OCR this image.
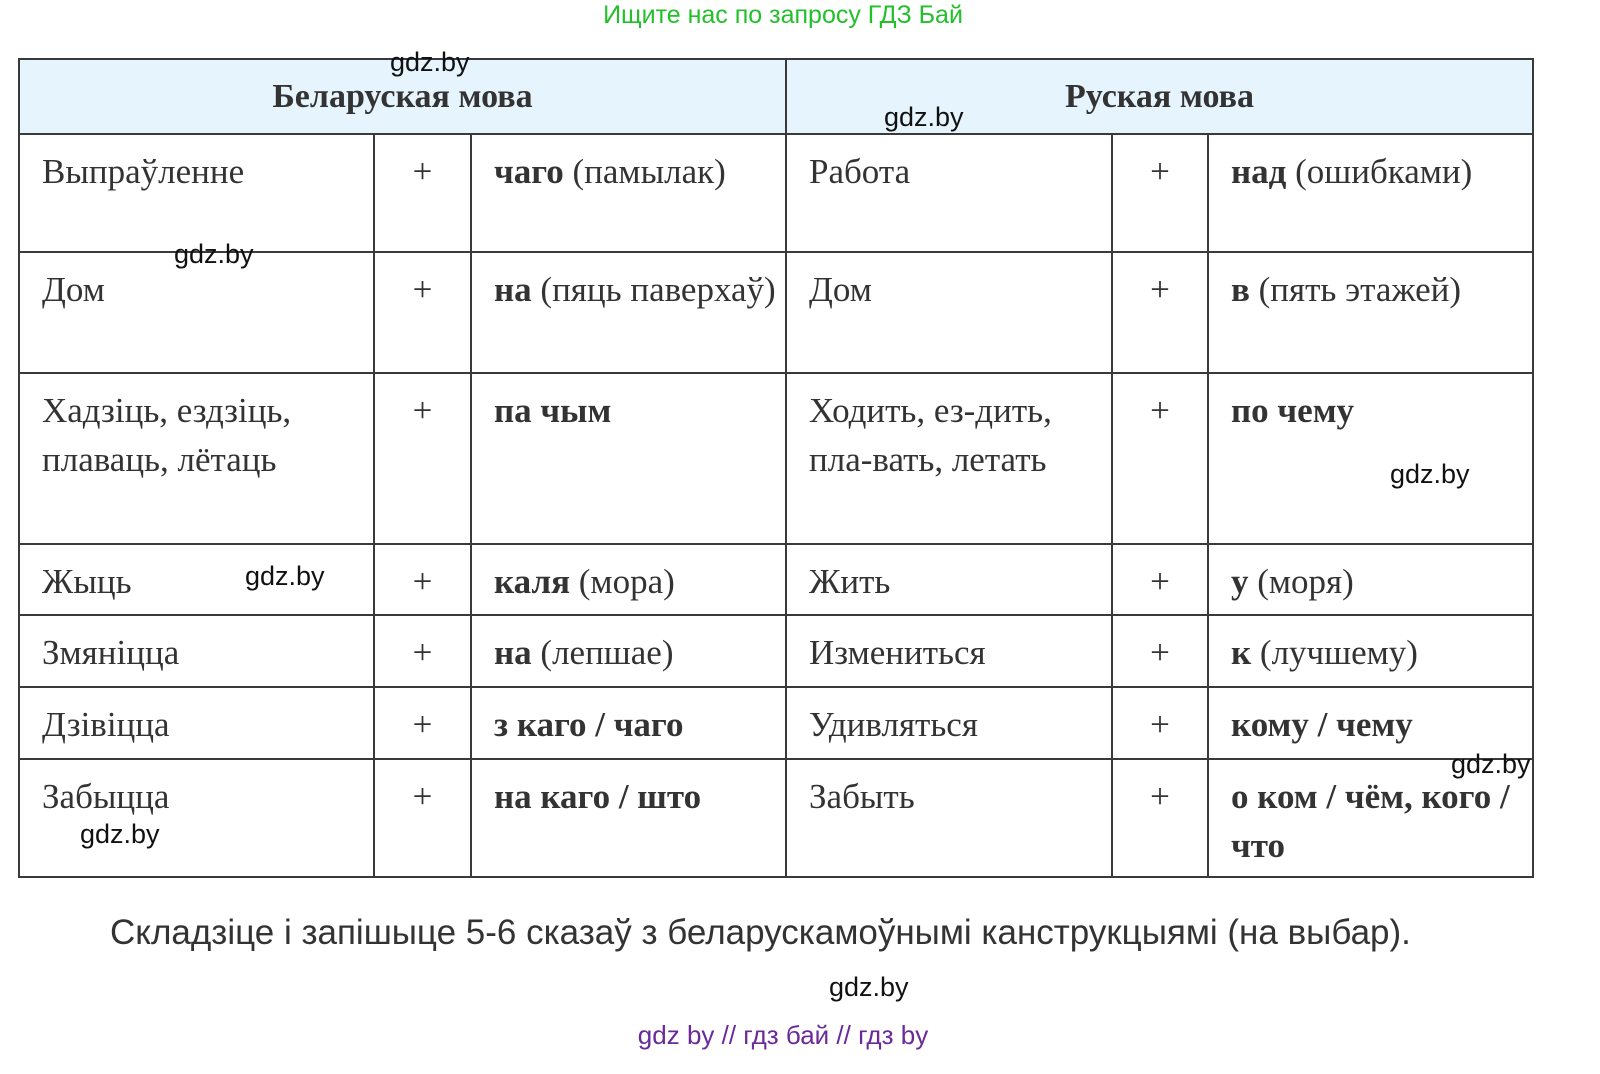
Ищите нас по запросу ГДЗ Бай
Беларуская мова			Руская мова		
Выпраўленне	+	чаго (памылак)	Работа	+	над (ошибками)
Дом	+	на (пяць паверхаў)	Дом	+	в (пять этажей)
Хадзіць, ездзіць, плаваць, лётаць	+	па чым	Ходить, ез-дить, пла-вать, летать	+	по чему
Жыць	+	каля (мора)	Жить	+	у (моря)
Змяніцца	+	на (лепшае)	Измениться	+	к (лучшему)
Дзівіцца	+	з каго / чаго	Удивляться	+	кому / чему
Забыцца	+	на каго / што	Забыть	+	о ком / чём, кого / что
gdz.by
gdz.by
gdz.by
gdz.by
gdz.by
gdz.by
gdz.by
gdz.by
Складзіце і запішыце 5-6 сказаў з беларускамоўнымі канструкцыямі (на выбар).
gdz by // гдз бай // гдз by
